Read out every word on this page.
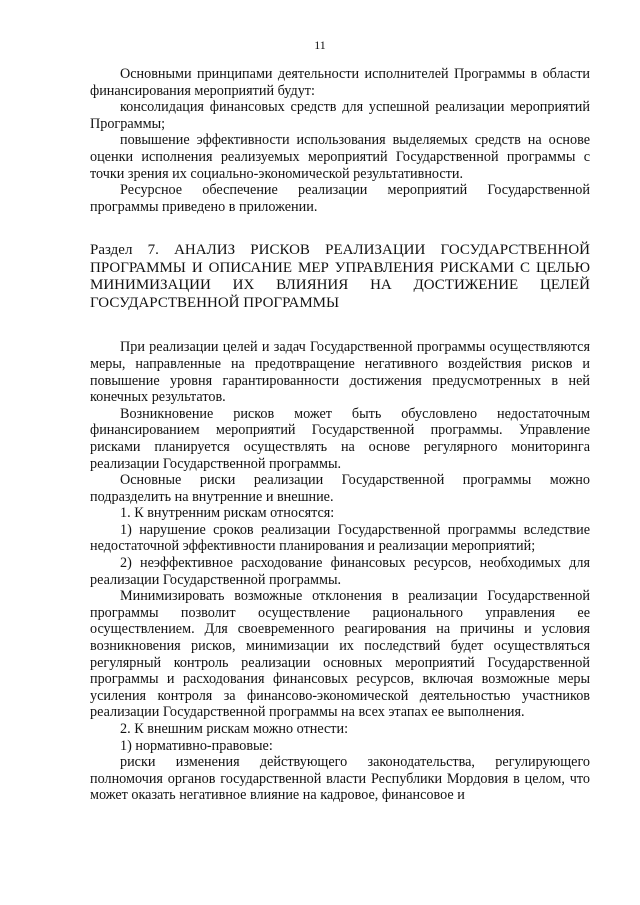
11

Основными принципами деятельности исполнителей Программы в области финансирования мероприятий будут:

консолидация финансовых средств для успешной реализации мероприятий Программы;

повышение эффективности использования выделяемых средств на основе оценки исполнения реализуемых мероприятий Государственной программы с точки зрения их социально-экономической результативности.

Ресурсное обеспечение реализации мероприятий Государственной программы приведено в приложении.

Раздел 7. АНАЛИЗ РИСКОВ РЕАЛИЗАЦИИ ГОСУДАРСТВЕННОЙ ПРОГРАММЫ И ОПИСАНИЕ МЕР УПРАВЛЕНИЯ РИСКАМИ С ЦЕЛЬЮ МИНИМИЗАЦИИ ИХ ВЛИЯНИЯ НА ДОСТИЖЕНИЕ ЦЕЛЕЙ ГОСУДАРСТВЕННОЙ ПРОГРАММЫ

При реализации целей и задач Государственной программы осуществляются меры, направленные на предотвращение негативного воздействия рисков и повышение уровня гарантированности достижения предусмотренных в ней конечных результатов.

Возникновение рисков может быть обусловлено недостаточным финансированием мероприятий Государственной программы. Управление рисками планируется осуществлять на основе регулярного мониторинга реализации Государственной программы.

Основные риски реализации Государственной программы можно подразделить на внутренние и внешние.

1. К внутренним рискам относятся:

1) нарушение сроков реализации Государственной программы вследствие недостаточной эффективности планирования и реализации мероприятий;

2) неэффективное расходование финансовых ресурсов, необходимых для реализации Государственной программы.

Минимизировать возможные отклонения в реализации Государственной программы позволит осуществление рационального управления ее осуществлением. Для своевременного реагирования на причины и условия возникновения рисков, минимизации их последствий будет осуществляться регулярный контроль реализации основных мероприятий Государственной программы и расходования финансовых ресурсов, включая возможные меры усиления контроля за финансово-экономической деятельностью участников реализации Государственной программы на всех этапах ее выполнения.

2. К внешним рискам можно отнести:

1) нормативно-правовые:

риски изменения действующего законодательства, регулирующего полномочия органов государственной власти Республики Мордовия в целом, что может оказать негативное влияние на кадровое, финансовое и
